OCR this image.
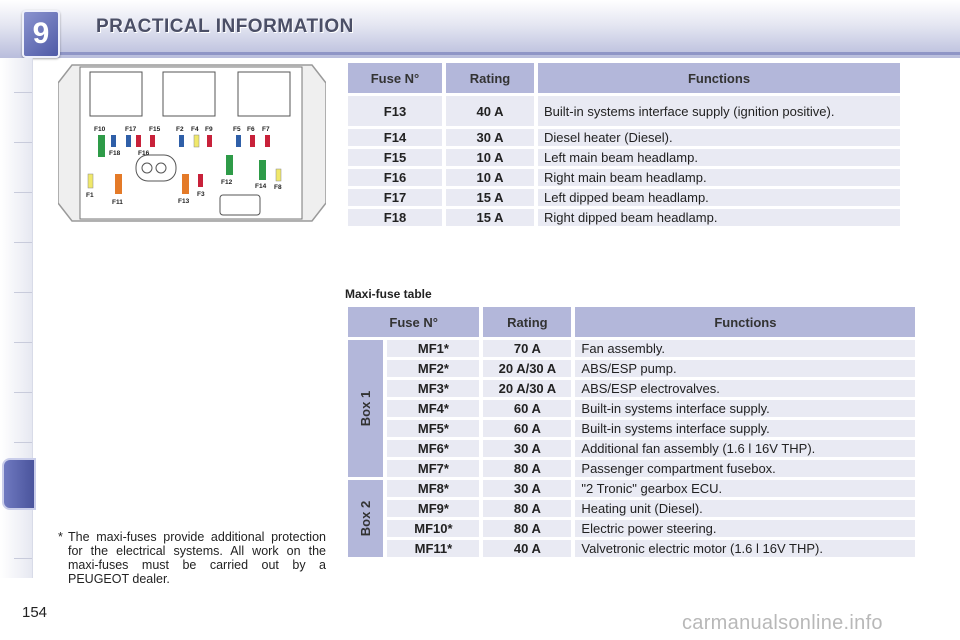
9	PRACTICAL INFORMATION
F10	F17 F15 F2 F4 F9	F5 F6 F7
F18	F16
F1
F11	F13
F3
F12
F14 F8
Fuse N°	Rating	Functions
F13	40 A	Built-in systems interface supply (ignition positive).
F14	30 A	Diesel heater (Diesel).
F15	10 A	Left main beam headlamp.
F16	10 A	Right main beam headlamp.
F17	15 A	Left dipped beam headlamp.
F18	15 A	Right dipped beam headlamp.
Maxi-fuse table
Fuse N°		Rating	Functions
Box 1	MF1*	70 A	Fan assembly.
	MF2*	20 A/30 A	ABS/ESP pump.
	MF3*	20 A/30 A	ABS/ESP electrovalves.
	MF4*	60 A	Built-in systems interface supply.
	MF5*	60 A	Built-in systems interface supply.
	MF6*	30 A	Additional fan assembly (1.6 l 16V THP).
	MF7*	80 A	Passenger compartment fusebox.
Box 2	MF8*	30 A	"2 Tronic" gearbox ECU.
	MF9*	80 A	Heating unit (Diesel).
	MF10*	80 A	Electric power steering.
	MF11*	40 A	Valvetronic electric motor (1.6 l 16V THP).
* The maxi-fuses provide additional protection for the electrical systems. All work on the maxi-fuses must be carried out by a PEUGEOT dealer.
154	carmanualsonline.info
